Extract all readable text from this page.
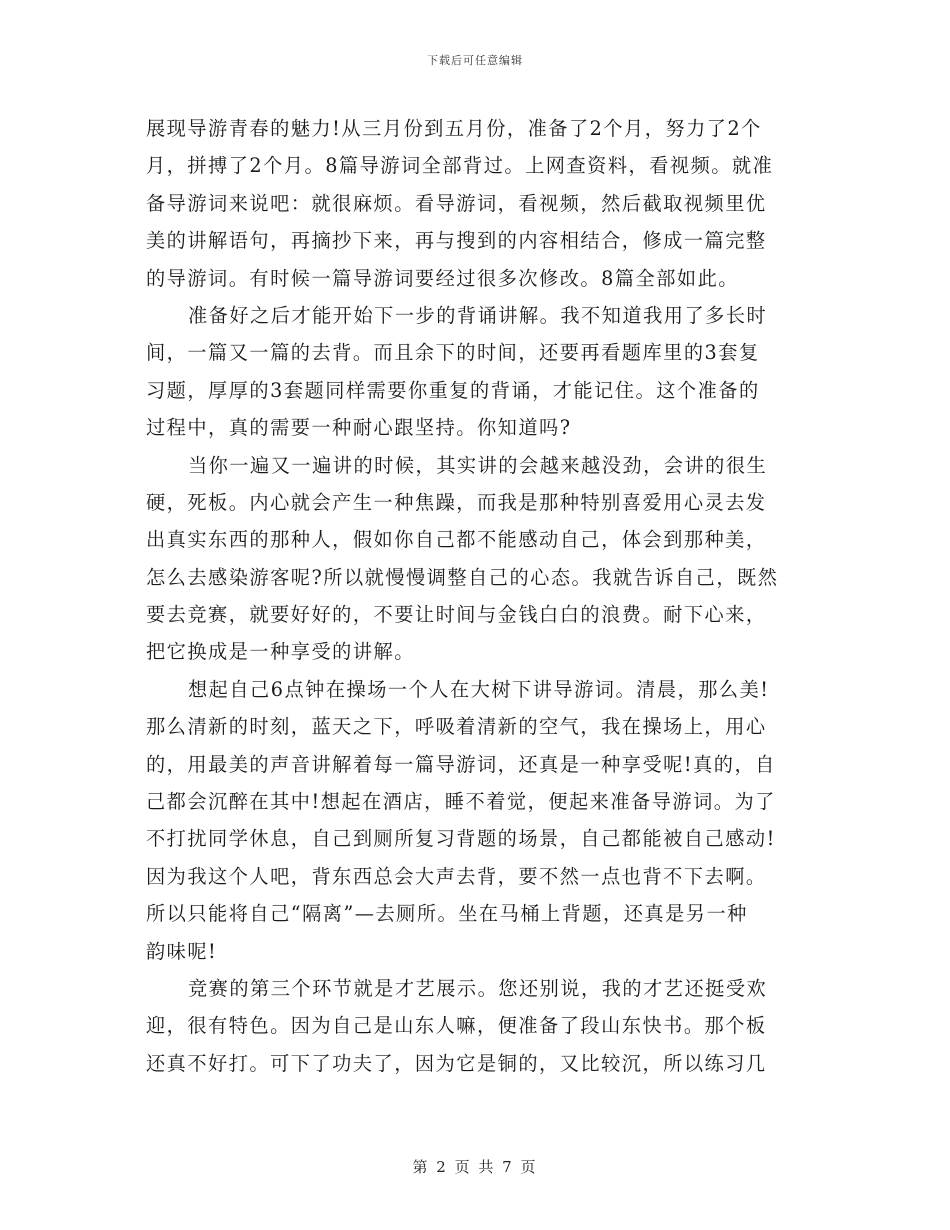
下载后可任意编辑

展现导游青春的魅力!从三月份到五月份，准备了2个月，努力了2个
月，拼搏了2个月。8篇导游词全部背过。上网查资料，看视频。就准
备导游词来说吧：就很麻烦。看导游词，看视频，然后截取视频里优
美的讲解语句，再摘抄下来，再与搜到的内容相结合，修成一篇完整
的导游词。有时候一篇导游词要经过很多次修改。8篇全部如此。

准备好之后才能开始下一步的背诵讲解。我不知道我用了多长时
间，一篇又一篇的去背。而且余下的时间，还要再看题库里的3套复
习题，厚厚的3套题同样需要你重复的背诵，才能记住。这个准备的
过程中，真的需要一种耐心跟坚持。你知道吗?

当你一遍又一遍讲的时候，其实讲的会越来越没劲，会讲的很生
硬，死板。内心就会产生一种焦躁，而我是那种特别喜爱用心灵去发
出真实东西的那种人，假如你自己都不能感动自己，体会到那种美，
怎么去感染游客呢?所以就慢慢调整自己的心态。我就告诉自己，既然
要去竞赛，就要好好的，不要让时间与金钱白白的浪费。耐下心来，
把它换成是一种享受的讲解。

想起自己6点钟在操场一个人在大树下讲导游词。清晨，那么美!
那么清新的时刻，蓝天之下，呼吸着清新的空气，我在操场上，用心
的，用最美的声音讲解着每一篇导游词，还真是一种享受呢!真的，自
己都会沉醉在其中!想起在酒店，睡不着觉，便起来准备导游词。为了
不打扰同学休息，自己到厕所复习背题的场景，自己都能被自己感动!
因为我这个人吧，背东西总会大声去背，要不然一点也背不下去啊。
所以只能将自己“隔离”—去厕所。坐在马桶上背题，还真是另一种
韵味呢!

竞赛的第三个环节就是才艺展示。您还别说，我的才艺还挺受欢
迎，很有特色。因为自己是山东人嘛，便准备了段山东快书。那个板
还真不好打。可下了功夫了，因为它是铜的，又比较沉，所以练习几

第 2 页 共 7 页
